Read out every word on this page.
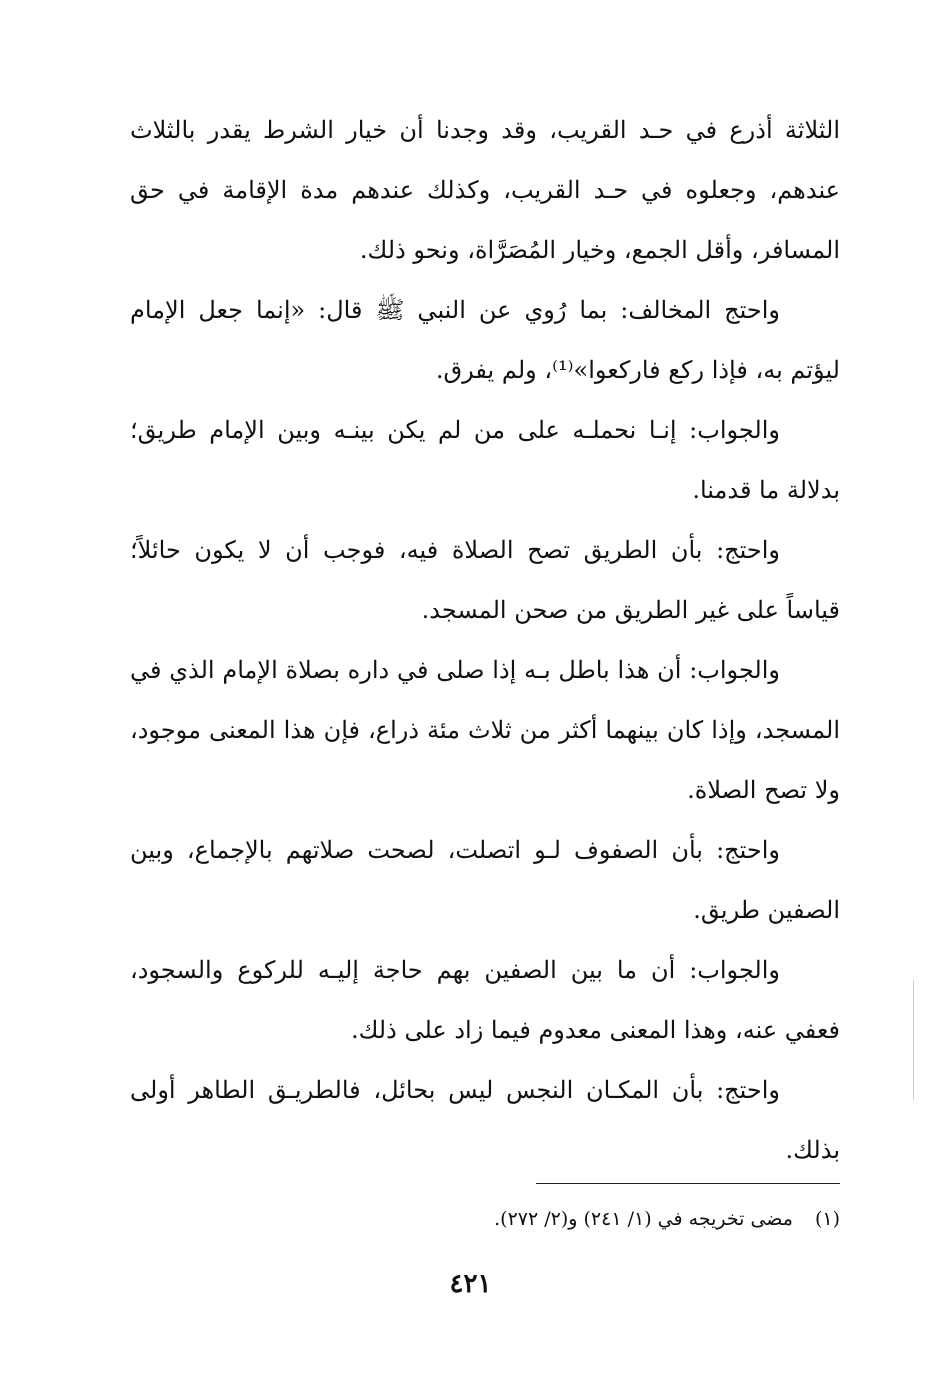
الثلاثة أذرع في حـد القريب، وقد وجدنا أن خيار الشرط يقدر بالثلاث عندهم، وجعلوه في حـد القريب، وكذلك عندهم مدة الإقامة في حق المسافر، وأقل الجمع، وخيار المُصَرَّاة، ونحو ذلك.

واحتج المخالف: بما رُوي عن النبي ﷺ قال: «إنما جعل الإمام ليؤتم به، فإذا ركع فاركعوا»⁽¹⁾، ولم يفرق.

والجواب: إنـا نحملـه على من لم يكن بينـه وبين الإمام طريق؛ بدلالة ما قدمنا.

واحتج: بأن الطريق تصح الصلاة فيه، فوجب أن لا يكون حائلاً؛ قياساً على غير الطريق من صحن المسجد.

والجواب: أن هذا باطل بـه إذا صلى في داره بصلاة الإمام الذي في المسجد، وإذا كان بينهما أكثر من ثلاث مئة ذراع، فإن هذا المعنى موجود، ولا تصح الصلاة.

واحتج: بأن الصفوف لـو اتصلت، لصحت صلاتهم بالإجماع، وبين الصفين طريق.

والجواب: أن ما بين الصفين بهم حاجة إليـه للركوع والسجود، فعفي عنه، وهذا المعنى معدوم فيما زاد على ذلك.

واحتج: بأن المكـان النجس ليس بحائل، فالطريـق الطاهر أولى بذلك.

(١)مضى تخريجه في (١/ ٢٤١) و(٢/ ٢٧٢).
٤٢١
